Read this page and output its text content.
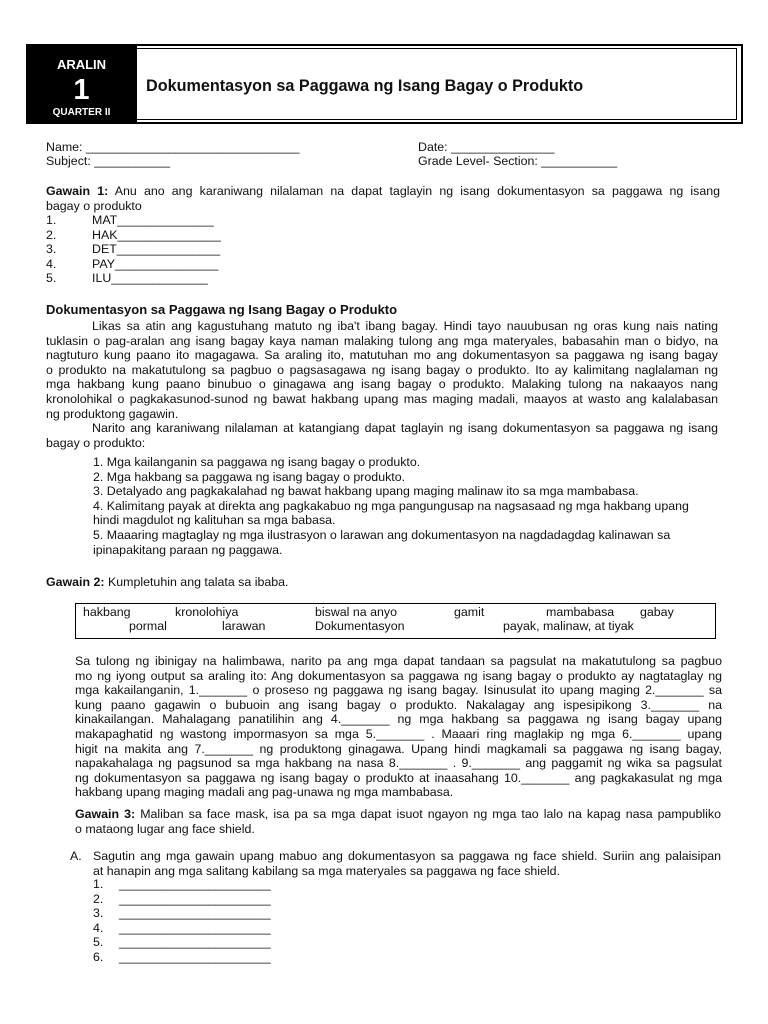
ARALIN
1
QUARTER II
Dokumentasyon sa Paggawa ng Isang Bagay o Produkto
Name: _______________________________	Date: _______________
Subject: ___________	Grade Level- Section: ___________
Gawain 1: Anu ano ang karaniwang nilalaman na dapat taglayin ng isang dokumentasyon sa paggawa ng isang
bagay o produkto
1.	MAT______________
2.	HAK_______________
3.	DET_______________
4.	PAY_______________
5.	ILU______________
Dokumentasyon sa Paggawa ng Isang Bagay o Produkto
Likas sa atin ang kagustuhang matuto ng iba't ibang bagay. Hindi tayo nauubusan ng oras kung nais nating
tuklasin o pag-aralan ang isang bagay kaya naman malaking tulong ang mga materyales, babasahin man o bidyo, na
nagtuturo kung paano ito magagawa. Sa araling ito, matutuhan mo ang dokumentasyon sa paggawa ng isang bagay
o produkto na makatutulong sa pagbuo o pagsasagawa ng isang bagay o produkto. Ito ay kalimitang naglalaman ng
mga hakbang kung paano binubuo o ginagawa ang isang bagay o produkto. Malaking tulong na nakaayos nang
kronolohikal o pagkakasunod-sunod ng bawat hakbang upang mas maging madali, maayos at wasto ang kalalabasan
ng produktong gagawin.
Narito ang karaniwang nilalaman at katangiang dapat taglayin ng isang dokumentasyon sa paggawa ng isang
bagay o produkto:
1. Mga kailanganin sa paggawa ng isang bagay o produkto.
2. Mga hakbang sa paggawa ng isang bagay o produkto.
3. Detalyado ang pagkakalahad ng bawat hakbang upang maging malinaw ito sa mga mambabasa.
4. Kalimitang payak at direkta ang pagkakabuo ng mga pangungusap na nagsasaad ng mga hakbang upang
hindi magdulot ng kalituhan sa mga babasa.
5. Maaaring magtaglay ng mga ilustrasyon o larawan ang dokumentasyon na nagdadagdag kalinawan sa
ipinapakitang paraan ng paggawa.
Gawain 2: Kumpletuhin ang talata sa ibaba.
hakbang	kronolohiya	biswal na anyo	gamit	mambabasa gabay
pormal	larawan	Dokumentasyon	payak, malinaw, at tiyak
Sa tulong ng ibinigay na halimbawa, narito pa ang mga dapat tandaan sa pagsulat na makatutulong sa pagbuo
mo ng iyong output sa araling ito: Ang dokumentasyon sa paggawa ng isang bagay o produkto ay nagtataglay ng
mga kakailanganin, 1._______ o proseso ng paggawa ng isang bagay. Isinusulat ito upang maging 2._______ sa
kung paano gagawin o bubuoin ang isang bagay o produkto. Nakalagay ang ispesipikong 3._______ na
kinakailangan. Mahalagang panatilihin ang 4._______ ng mga hakbang sa paggawa ng isang bagay upang
makapaghatid ng wastong impormasyon sa mga 5._______ . Maaari ring maglakip ng mga 6._______ upang
higit na makita ang 7._______ ng produktong ginagawa. Upang hindi magkamali sa paggawa ng isang bagay,
napakahalaga ng pagsunod sa mga hakbang na nasa 8._______ . 9._______ ang paggamit ng wika sa pagsulat
ng dokumentasyon sa paggawa ng isang bagay o produkto at inaasahang 10._______ ang pagkakasulat ng mga
hakbang upang maging madali ang pag-unawa ng mga mambabasa.
Gawain 3: Maliban sa face mask, isa pa sa mga dapat isuot ngayon ng mga tao lalo na kapag nasa pampubliko
o mataong lugar ang face shield.
A. Sagutin ang mga gawain upang mabuo ang dokumentasyon sa paggawa ng face shield. Suriin ang palaisipan
at hanapin ang mga salitang kabilang sa mga materyales sa paggawa ng face shield.
1. ______________________
2. ______________________
3. ______________________
4. ______________________
5. ______________________
6. ______________________
